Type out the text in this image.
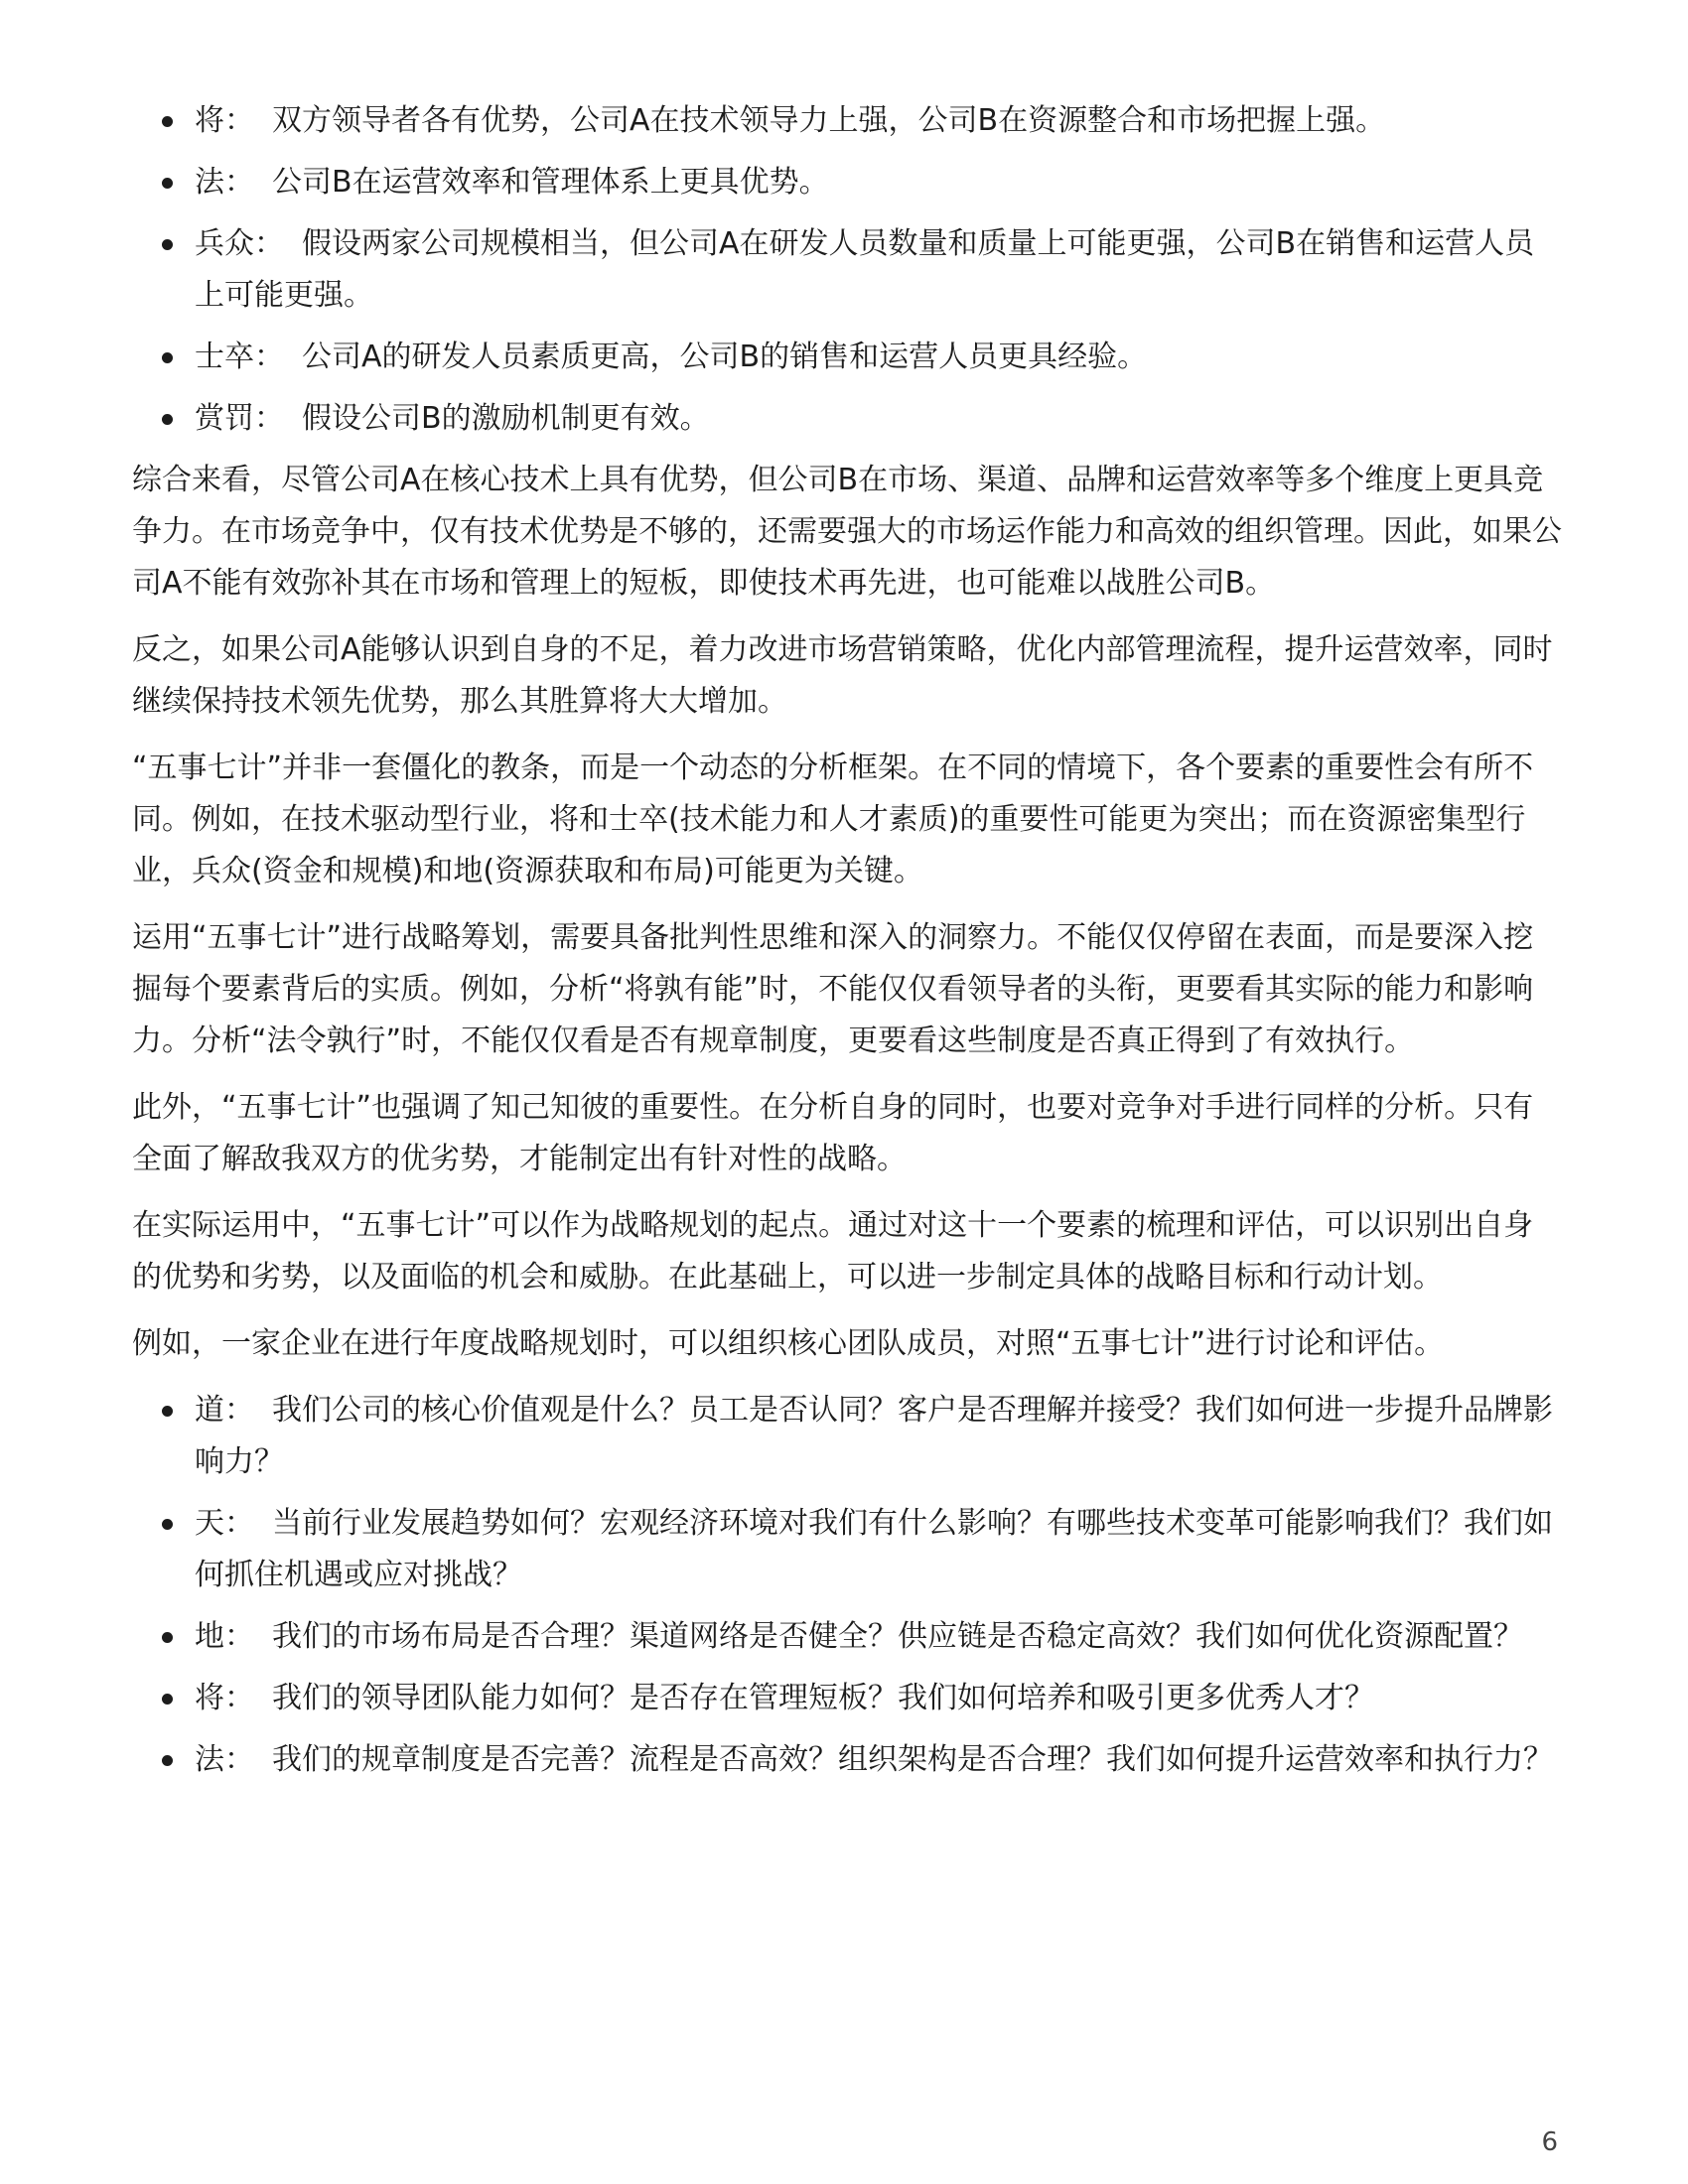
将： 双方领导者各有优势，公司A在技术领导力上强，公司B在资源整合和市场把握上强。
法： 公司B在运营效率和管理体系上更具优势。
兵众： 假设两家公司规模相当，但公司A在研发人员数量和质量上可能更强，公司B在销售和运营人员上可能更强。
士卒： 公司A的研发人员素质更高，公司B的销售和运营人员更具经验。
赏罚： 假设公司B的激励机制更有效。

综合来看，尽管公司A在核心技术上具有优势，但公司B在市场、渠道、品牌和运营效率等多个维度上更具竞争力。在市场竞争中，仅有技术优势是不够的，还需要强大的市场运作能力和高效的组织管理。因此，如果公司A不能有效弥补其在市场和管理上的短板，即使技术再先进，也可能难以战胜公司B。

反之，如果公司A能够认识到自身的不足，着力改进市场营销策略，优化内部管理流程，提升运营效率，同时继续保持技术领先优势，那么其胜算将大大增加。

“五事七计”并非一套僵化的教条，而是一个动态的分析框架。在不同的情境下，各个要素的重要性会有所不同。例如，在技术驱动型行业，将和士卒(技术能力和人才素质)的重要性可能更为突出；而在资源密集型行业，兵众(资金和规模)和地(资源获取和布局)可能更为关键。

运用“五事七计”进行战略筹划，需要具备批判性思维和深入的洞察力。不能仅仅停留在表面，而是要深入挖掘每个要素背后的实质。例如，分析“将孰有能”时，不能仅仅看领导者的头衔，更要看其实际的能力和影响力。分析“法令孰行”时，不能仅仅看是否有规章制度，更要看这些制度是否真正得到了有效执行。

此外，“五事七计”也强调了知己知彼的重要性。在分析自身的同时，也要对竞争对手进行同样的分析。只有全面了解敌我双方的优劣势，才能制定出有针对性的战略。

在实际运用中，“五事七计”可以作为战略规划的起点。通过对这十一个要素的梳理和评估，可以识别出自身的优势和劣势，以及面临的机会和威胁。在此基础上，可以进一步制定具体的战略目标和行动计划。

例如，一家企业在进行年度战略规划时，可以组织核心团队成员，对照“五事七计”进行讨论和评估。

道： 我们公司的核心价值观是什么？员工是否认同？客户是否理解并接受？我们如何进一步提升品牌影响力？
天： 当前行业发展趋势如何？宏观经济环境对我们有什么影响？有哪些技术变革可能影响我们？我们如何抓住机遇或应对挑战？
地： 我们的市场布局是否合理？渠道网络是否健全？供应链是否稳定高效？我们如何优化资源配置？
将： 我们的领导团队能力如何？是否存在管理短板？我们如何培养和吸引更多优秀人才？
法： 我们的规章制度是否完善？流程是否高效？组织架构是否合理？我们如何提升运营效率和执行力？
6
